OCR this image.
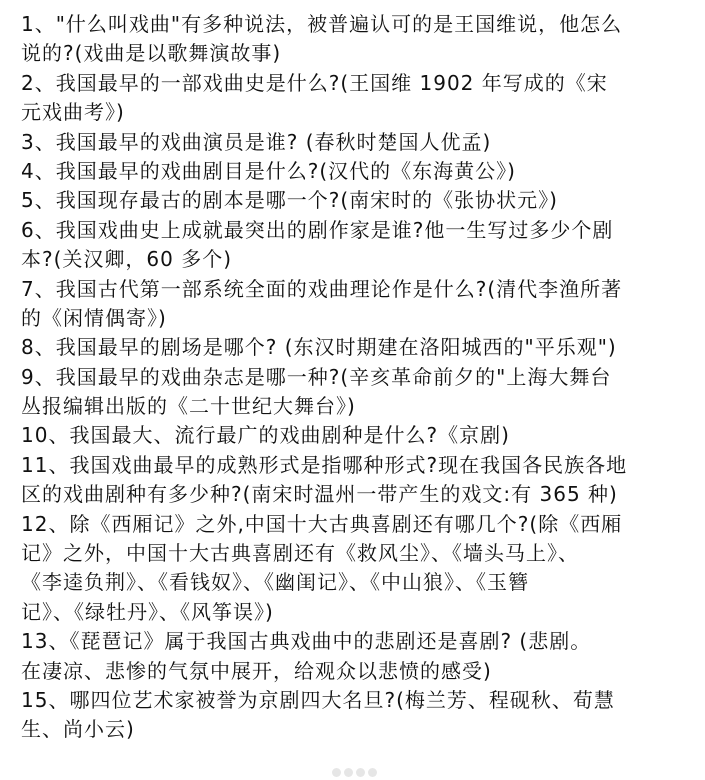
1、"什么叫戏曲"有多种说法，被普遍认可的是王国维说，他怎么
说的?(戏曲是以歌舞演故事)
2、我国最早的一部戏曲史是什么?(王国维 1902 年写成的《宋
元戏曲考》)
3、我国最早的戏曲演员是谁? (春秋时楚国人优孟)
4、我国最早的戏曲剧目是什么?(汉代的《东海黄公》)
5、我国现存最古的剧本是哪一个?(南宋时的《张协状元》)
6、我国戏曲史上成就最突出的剧作家是谁?他一生写过多少个剧
本?(关汉卿，60 多个)
7、我国古代第一部系统全面的戏曲理论作是什么?(清代李渔所著
的《闲情偶寄》)
8、我国最早的剧场是哪个? (东汉时期建在洛阳城西的"平乐观")
9、我国最早的戏曲杂志是哪一种?(辛亥革命前夕的"上海大舞台
丛报编辑出版的《二十世纪大舞台》)
10、我国最大、流行最广的戏曲剧种是什么?《京剧)
11、我国戏曲最早的成熟形式是指哪种形式?现在我国各民族各地
区的戏曲剧种有多少种?(南宋时温州一带产生的戏文:有 365 种)
12、除《西厢记》之外,中国十大古典喜剧还有哪几个?(除《西厢
记》之外，中国十大古典喜剧还有《救风尘》、《墙头马上》、
《李逵负荆》、《看钱奴》、《幽闺记》、《中山狼》、《玉簪
记》、《绿牡丹》、《风筝误》)
13、《琵琶记》属于我国古典戏曲中的悲剧还是喜剧? (悲剧。
在凄凉、悲惨的气氛中展开，给观众以悲愤的感受)
15、哪四位艺术家被誉为京剧四大名旦?(梅兰芳、程砚秋、荀慧
生、尚小云)
